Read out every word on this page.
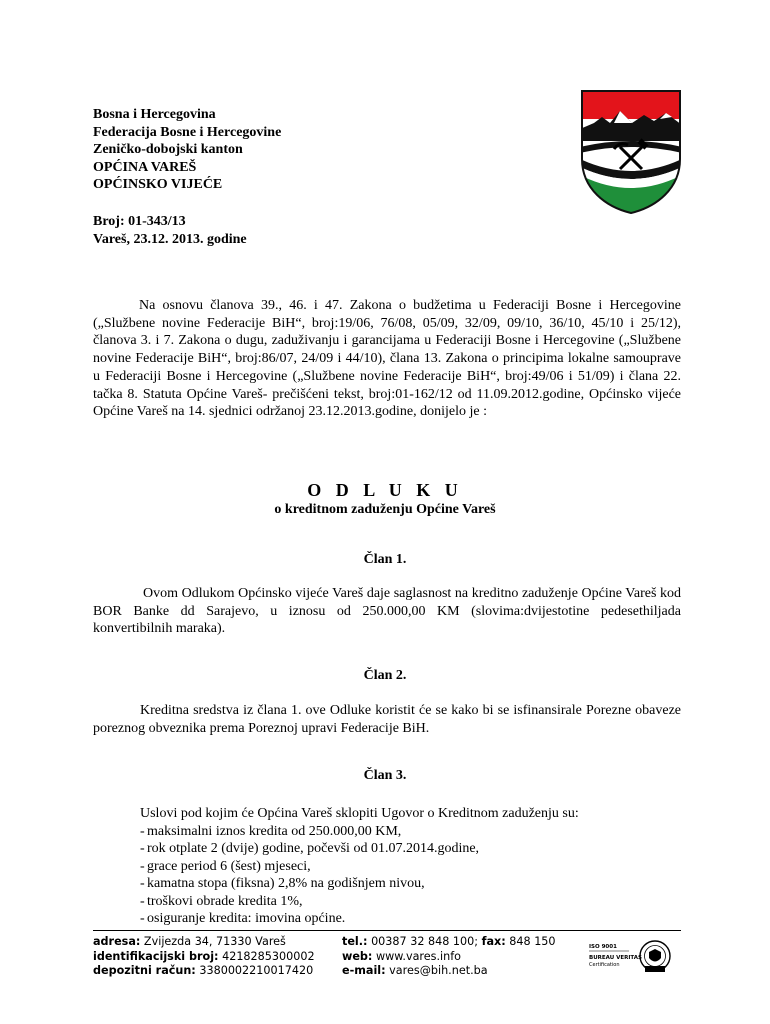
Bosna i Hercegovina
Federacija Bosne i Hercegovine
Zeničko-dobojski kanton
OPĆINA VAREŠ
OPĆINSKO VIJEĆE
Broj: 01-343/13
Vareš, 23.12. 2013. godine

Na osnovu članova 39., 46. i 47. Zakona o budžetima u Federaciji Bosne i Hercegovine („Službene novine Federacije BiH“, broj:19/06, 76/08, 05/09, 32/09, 09/10, 36/10, 45/10 i 25/12), članova 3. i 7. Zakona o dugu, zaduživanju i garancijama u Federaciji Bosne i Hercegovine („Službene novine Federacije BiH“, broj:86/07, 24/09 i 44/10), člana 13. Zakona o principima lokalne samouprave u Federaciji Bosne i Hercegovine („Službene novine Federacije BiH“, broj:49/06 i 51/09) i člana 22. tačka 8. Statuta Općine Vareš- prečišćeni tekst, broj:01-162/12 od 11.09.2012.godine, Općinsko vijeće Općine Vareš na 14. sjednici održanoj 23.12.2013.godine, donijelo je :

O D L U K U
o kreditnom zaduženju Općine Vareš
Član 1.

Ovom Odlukom Općinsko vijeće Vareš daje saglasnost na kreditno zaduženje Općine Vareš kod BOR Banke dd Sarajevo, u iznosu od 250.000,00 KM (slovima:dvijestotine pedesethiljada konvertibilnih maraka).

Član 2.

Kreditna sredstva iz člana 1. ove Odluke koristit će se kako bi se isfinansirale Porezne obaveze poreznog obveznika prema Poreznoj upravi Federacije BiH.

Član 3.
Uslovi pod kojim će Općina Vareš sklopiti Ugovor o Kreditnom zaduženju su:
- maksimalni iznos kredita od 250.000,00 KM,
- rok otplate 2 (dvije) godine, počevši od 01.07.2014.godine,
- grace period 6 (šest) mjeseci,
- kamatna stopa (fiksna) 2,8% na godišnjem nivou,
- troškovi obrade kredita 1%,
- osiguranje kredita: imovina općine.
adresa: Zvijezda 34, 71330 Vareš
identifikacijski broj: 4218285300002
depozitni račun: 3380002210017420
tel.: 00387 32 848 100; fax: 848 150
web: www.vares.info
e-mail: vares@bih.net.ba
ISO 9001
BUREAU VERITAS
Certification
